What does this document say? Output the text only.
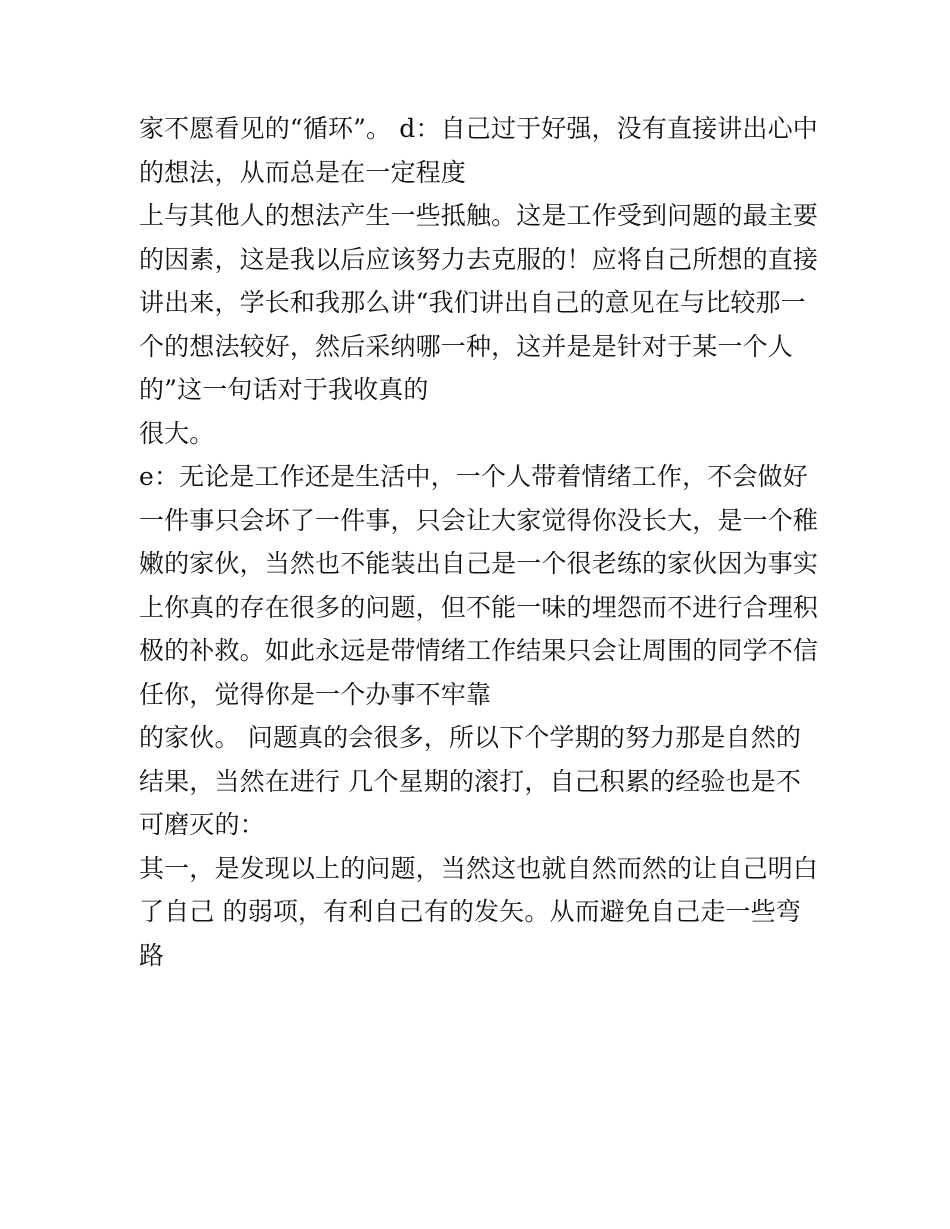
家不愿看见的“循环”。 d：自己过于好强，没有直接讲出心中
的想法，从而总是在一定程度
上与其他人的想法产生一些抵触。这是工作受到问题的最主要
的因素，这是我以后应该努力去克服的！应将自己所想的直接
讲出来，学长和我那么讲“我们讲出自己的意见在与比较那一
个的想法较好，然后采纳哪一种，这并是是针对于某一个人
的”这一句话对于我收真的
很大。
e：无论是工作还是生活中，一个人带着情绪工作，不会做好
一件事只会坏了一件事，只会让大家觉得你没长大，是一个稚
嫩的家伙，当然也不能装出自己是一个很老练的家伙因为事实
上你真的存在很多的问题，但不能一味的埋怨而不进行合理积
极的补救。如此永远是带情绪工作结果只会让周围的同学不信
任你，觉得你是一个办事不牢靠
的家伙。 问题真的会很多，所以下个学期的努力那是自然的
结果，当然在进行 几个星期的滚打，自己积累的经验也是不
可磨灭的：
其一，是发现以上的问题，当然这也就自然而然的让自己明白
了自己 的弱项，有利自己有的发矢。从而避免自己走一些弯
路
